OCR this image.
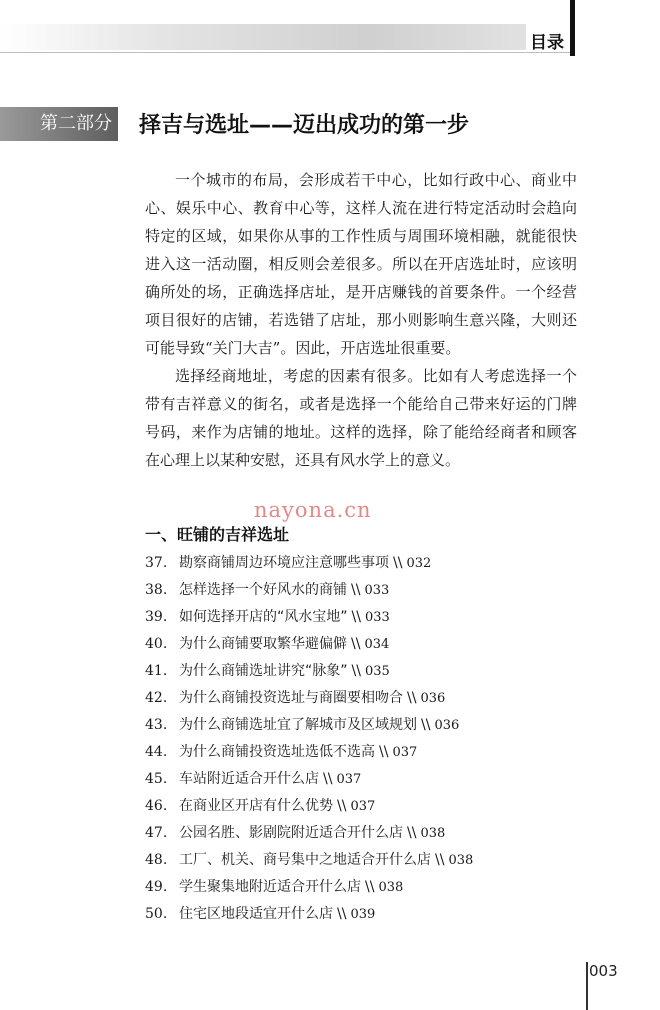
目录
第二部分 择吉与选址——迈出成功的第一步

一个城市的布局，会形成若干中心，比如行政中心、商业中心、娱乐中心、教育中心等，这样人流在进行特定活动时会趋向特定的区域，如果你从事的工作性质与周围环境相融，就能很快进入这一活动圈，相反则会差很多。所以在开店选址时，应该明确所处的场，正确选择店址，是开店赚钱的首要条件。一个经营项目很好的店铺，若选错了店址，那小则影响生意兴隆，大则还可能导致“关门大吉”。因此，开店选址很重要。

选择经商地址，考虑的因素有很多。比如有人考虑选择一个带有吉祥意义的街名，或者是选择一个能给自己带来好运的门牌号码，来作为店铺的地址。这样的选择，除了能给经商者和顾客在心理上以某种安慰，还具有风水学上的意义。

nayona.cn
一、旺铺的吉祥选址
37. 勘察商铺周边环境应注意哪些事项 \\ 032
38. 怎样选择一个好风水的商铺 \\ 033
39. 如何选择开店的“风水宝地” \\ 033
40. 为什么商铺要取繁华避偏僻 \\ 034
41. 为什么商铺选址讲究“脉象” \\ 035
42. 为什么商铺投资选址与商圈要相吻合 \\ 036
43. 为什么商铺选址宜了解城市及区域规划 \\ 036
44. 为什么商铺投资选址选低不选高 \\ 037
45. 车站附近适合开什么店 \\ 037
46. 在商业区开店有什么优势 \\ 037
47. 公园名胜、影剧院附近适合开什么店 \\ 038
48. 工厂、机关、商号集中之地适合开什么店 \\ 038
49. 学生聚集地附近适合开什么店 \\ 038
50. 住宅区地段适宜开什么店 \\ 039
003
